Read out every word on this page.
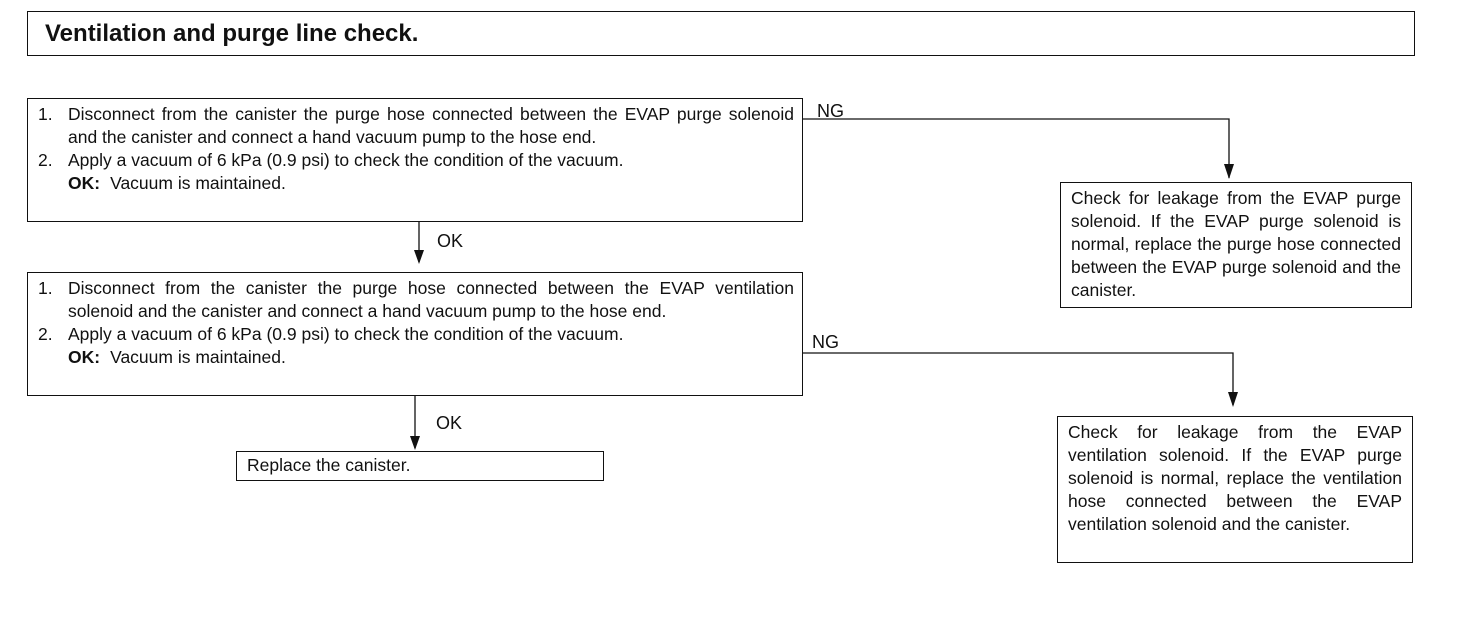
Ventilation and purge line check.
1. Disconnect from the canister the purge hose connected between the EVAP purge solenoid and the canister and connect a hand vacuum pump to the hose end.
2. Apply a vacuum of 6 kPa (0.9 psi) to check the condition of the vacuum.
OK: Vacuum is maintained.
OK
NG
1. Disconnect from the canister the purge hose connected between the EVAP ventilation solenoid and the canister and connect a hand vacuum pump to the hose end.
2. Apply a vacuum of 6 kPa (0.9 psi) to check the condition of the vacuum.
OK: Vacuum is maintained.
NG
OK
Replace the canister.
Check for leakage from the EVAP purge solenoid. If the EVAP purge solenoid is normal, replace the purge hose connected between the EVAP purge solenoid and the canister.
Check for leakage from the EVAP ventilation solenoid. If the EVAP purge solenoid is normal, replace the ventilation hose connected between the EVAP ventilation solenoid and the canister.
